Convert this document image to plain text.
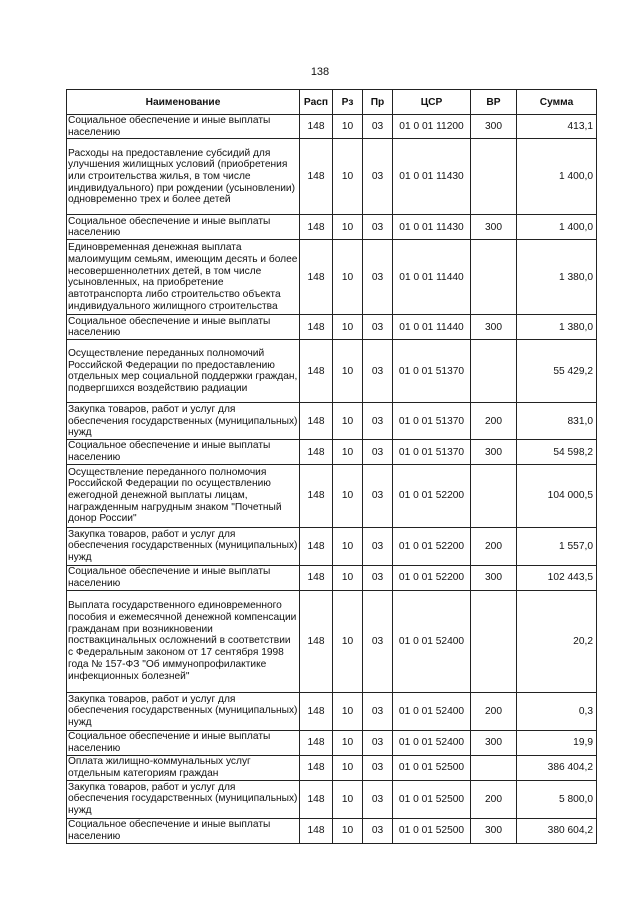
138
Наименование	Расп	Рз	Пр	ЦСР	ВР	Сумма
Социальное обеспечение и иные выплаты населению	148	10	03	01 0 01 11200	300	413,1
Расходы на предоставление субсидий для улучшения жилищных условий (приобретения или строительства жилья, в том числе индивидуального) при рождении (усыновлении) одновременно трех и более детей	148	10	03	01 0 01 11430		1 400,0
Социальное обеспечение и иные выплаты населению	148	10	03	01 0 01 11430	300	1 400,0
Единовременная денежная выплата малоимущим семьям, имеющим десять и более несовершеннолетних детей, в том числе усыновленных, на приобретение автотранспорта либо строительство объекта индивидуального жилищного строительства	148	10	03	01 0 01 11440		1 380,0
Социальное обеспечение и иные выплаты населению	148	10	03	01 0 01 11440	300	1 380,0
Осуществление переданных полномочий Российской Федерации по предоставлению отдельных мер социальной поддержки граждан, подвергшихся воздействию радиации	148	10	03	01 0 01 51370		55 429,2
Закупка товаров, работ и услуг для обеспечения государственных (муниципальных) нужд	148	10	03	01 0 01 51370	200	831,0
Социальное обеспечение и иные выплаты населению	148	10	03	01 0 01 51370	300	54 598,2
Осуществление переданного полномочия Российской Федерации по осуществлению ежегодной денежной выплаты лицам, награжденным нагрудным знаком "Почетный донор России"	148	10	03	01 0 01 52200		104 000,5
Закупка товаров, работ и услуг для обеспечения государственных (муниципальных) нужд	148	10	03	01 0 01 52200	200	1 557,0
Социальное обеспечение и иные выплаты населению	148	10	03	01 0 01 52200	300	102 443,5
Выплата государственного единовременного пособия и ежемесячной денежной компенсации гражданам при возникновении поствакцинальных осложнений в соответствии с Федеральным законом от 17 сентября 1998 года № 157-ФЗ "Об иммунопрофилактике инфекционных болезней"	148	10	03	01 0 01 52400		20,2
Закупка товаров, работ и услуг для обеспечения государственных (муниципальных) нужд	148	10	03	01 0 01 52400	200	0,3
Социальное обеспечение и иные выплаты населению	148	10	03	01 0 01 52400	300	19,9
Оплата жилищно-коммунальных услуг отдельным категориям граждан	148	10	03	01 0 01 52500		386 404,2
Закупка товаров, работ и услуг для обеспечения государственных (муниципальных) нужд	148	10	03	01 0 01 52500	200	5 800,0
Социальное обеспечение и иные выплаты населению	148	10	03	01 0 01 52500	300	380 604,2
